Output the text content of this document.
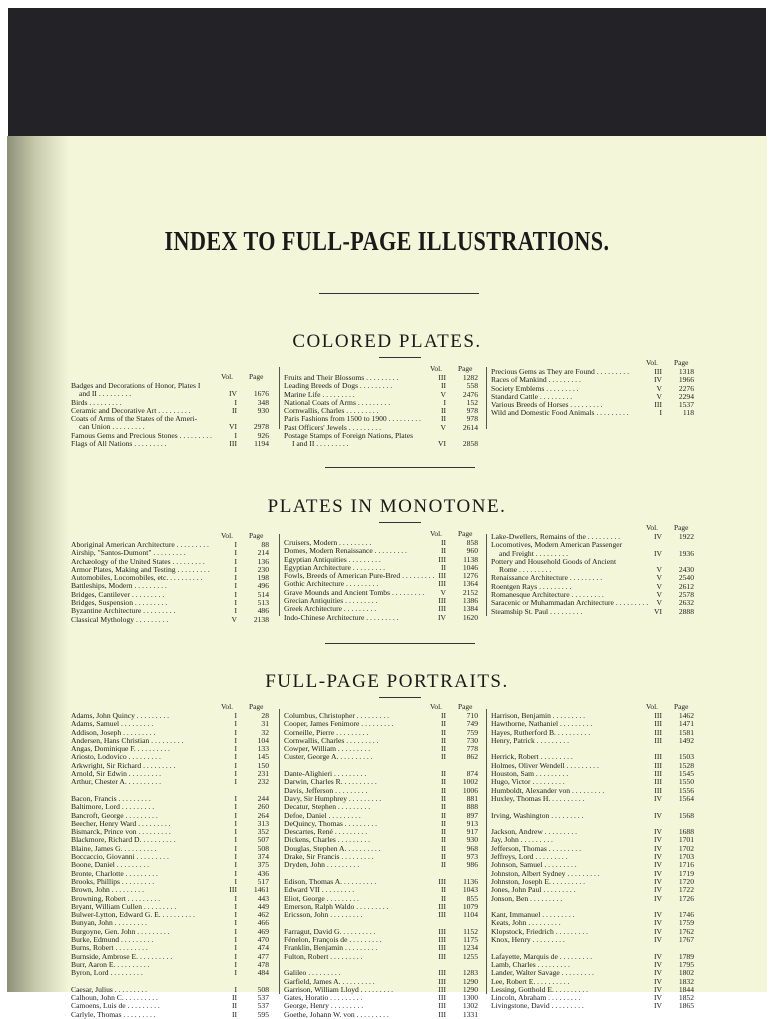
INDEX TO FULL-PAGE ILLUSTRATIONS.
COLORED PLATES.
PLATES IN MONOTONE.
FULL-PAGE PORTRAITS.
Vol. Page
Badges and Decorations of Honor, Plates I
and II . . . . . . . . .	IV	1676
Birds . . . . . . . . .	I	348
Ceramic and Decorative Art . . . . . . . . .	II	930
Coats of Arms of the States of the Ameri-
can Union . . . . . . . . .	VI	2978
Famous Gems and Precious Stones . . . . . . . . .	I	926
Flags of All Nations . . . . . . . . .	III	1194
Vol. Page
Fruits and Their Blossoms . . . . . . . . .	III	1282
Leading Breeds of Dogs . . . . . . . . .	II	558
Marine Life . . . . . . . . .	V	2476
National Coats of Arms . . . . . . . . .	I	152
Cornwallis, Charles . . . . . . . . .	II	978
Paris Fashions from 1500 to 1900 . . . . . . . . .	II	978
Past Officers' Jewels . . . . . . . . .	V	2614
Postage Stamps of Foreign Nations, Plates
I and II . . . . . . . . .	VI	2858
Vol. Page
Precious Gems as They are Found . . . . . . . . .	III	1318
Races of Mankind . . . . . . . . .	IV	1966
Society Emblems . . . . . . . . .	V	2276
Standard Cattle . . . . . . . . .	V	2294
Various Breeds of Horses . . . . . . . . .	III	1537
Wild and Domestic Food Animals . . . . . . . . .	I	118
Vol. Page
Aboriginal American Architecture . . . . . . . . .	I	88
Airship, "Santos-Dumont" . . . . . . . . .	I	214
Archæology of the United States . . . . . . . . .	I	136
Armor Plates, Making and Testing . . . . . . . . .	I	230
Automobiles, Locomobiles, etc. . . . . . . . . .	I	198
Battleships, Modern . . . . . . . . .	I	496
Bridges, Cantilever . . . . . . . . .	I	514
Bridges, Suspension . . . . . . . . .	I	513
Byzantine Architecture . . . . . . . . .	I	486
Classical Mythology . . . . . . . . .	V	2138
Vol. Page
Cruisers, Modern . . . . . . . . .	II	858
Domes, Modern Renaissance . . . . . . . . .	II	960
Egyptian Antiquities . . . . . . . . .	III	1138
Egyptian Architecture . . . . . . . . .	II	1046
Fowls, Breeds of American Pure-Bred . . . . . . . . . III	1276
Gothic Architecture . . . . . . . . .	III	1364
Grave Mounds and Ancient Tombs . . . . . . . . .	V	2152
Grecian Antiquities . . . . . . . . .	III	1386
Greek Architecture . . . . . . . . .	III	1384
Indo-Chinese Architecture . . . . . . . . .	IV	1620
Vol. Page
Lake-Dwellers, Remains of the . . . . . . . . .	IV	1922
Locomotives, Modern American Passenger
and Freight . . . . . . . . .	IV	1936
Pottery and Household Goods of Ancient
Rome . . . . . . . . .	V	2430
Renaissance Architecture . . . . . . . . .	V	2540
Roentgen Rays . . . . . . . . .	V	2612
Romanesque Architecture . . . . . . . . .	V	2578
Saracenic or Muhammadan Architecture . . . . . . . . .	V	2632
Steamship St. Paul . . . . . . . . .	VI	2888
Vol. Page
Adams, John Quincy . . . . . . . . .	I	28
Adams, Samuel . . . . . . . . .	I	31
Addison, Joseph . . . . . . . . .	I	32
Andersen, Hans Christian . . . . . . . . .	I	104
Angas, Dominique F. . . . . . . . . .	I	133
Ariosto, Lodovico . . . . . . . . .	I	145
Arkwright, Sir Richard . . . . . . . . .	I	150
Arnold, Sir Edwin . . . . . . . . .	I	231
Arthur, Chester A. . . . . . . . . .	I	232
Bacon, Francis . . . . . . . . .	I	244
Baltimore, Lord . . . . . . . . .	I	260
Bancroft, George . . . . . . . . .	I	264
Beecher, Henry Ward . . . . . . . . .	I	313
Bismarck, Prince von . . . . . . . . .	I	352
Blackmore, Richard D. . . . . . . . . .	I	507
Blaine, James G. . . . . . . . . .	I	508
Boccaccio, Giovanni . . . . . . . . .	I	374
Boone, Daniel . . . . . . . . .	I	375
Bronte, Charlotte . . . . . . . . .	I	436
Brooks, Phillips . . . . . . . . .	I	517
Brown, John . . . . . . . . .	III	1461
Browning, Robert . . . . . . . . .	I	443
Bryant, William Cullen . . . . . . . . .	I	449
Bulwer-Lytton, Edward G. E. . . . . . . . . .	I	462
Bunyan, John . . . . . . . . .	I	466
Burgoyne, Gen. John . . . . . . . . .	I	469
Burke, Edmund . . . . . . . . .	I	470
Burns, Robert . . . . . . . . .	I	474
Burnside, Ambrose E. . . . . . . . . .	I	477
Burr, Aaron E. . . . . . . . . .	I	478
Byron, Lord . . . . . . . . .	I	484
Caesar, Julius . . . . . . . . .	I	508
Calhoun, John C. . . . . . . . . .	II	537
Camoens, Luis de . . . . . . . . .	II	537
Carlyle, Thomas . . . . . . . . .	II	595
Vol. Page
Columbus, Christopher . . . . . . . . .	II	710
Cooper, James Fenimore . . . . . . . . .	II	749
Corneille, Pierre . . . . . . . . .	II	759
Cornwallis, Charles . . . . . . . . .	II	730
Cowper, William . . . . . . . . .	II	778
Custer, George A. . . . . . . . . .	II	862
Dante-Alighieri . . . . . . . . .	II	874
Darwin, Charles R. . . . . . . . . .	II	1002
Davis, Jefferson . . . . . . . . .	II	1006
Davy, Sir Humphrey . . . . . . . . .	II	881
Decatur, Stephen . . . . . . . . .	II	888
Defoe, Daniel . . . . . . . . .	II	897
DeQuincy, Thomas . . . . . . . . .	II	913
Descartes, René . . . . . . . . .	II	917
Dickens, Charles . . . . . . . . .	II	930
Douglas, Stephen A. . . . . . . . . .	II	968
Drake, Sir Francis . . . . . . . . .	II	973
Dryden, John . . . . . . . . .	II	986
Edison, Thomas A. . . . . . . . . .	III	1136
Edward VII . . . . . . . . .	II	1043
Eliot, George . . . . . . . . .	II	855
Emerson, Ralph Waldo . . . . . . . . .	III	1079
Ericsson, John . . . . . . . . .	III	1104
Farragut, David G. . . . . . . . . .	III	1152
Fénelon, François de . . . . . . . . .	III	1175
Franklin, Benjamin . . . . . . . . .	III	1234
Fulton, Robert . . . . . . . . .	III	1255
Galileo . . . . . . . . .	III	1283
Garfield, James A. . . . . . . . . .	III	1290
Garrison, William Lloyd . . . . . . . . .	III	1290
Gates, Horatio . . . . . . . . .	III	1300
George, Henry . . . . . . . . .	III	1302
Goethe, Johann W. von . . . . . . . . .	III	1331
Vol. Page
Harrison, Benjamin . . . . . . . . .	III	1462
Hawthorne, Nathaniel . . . . . . . . .	III	1471
Hayes, Rutherford B. . . . . . . . . .	III	1581
Henry, Patrick . . . . . . . . .	III	1492
Herrick, Robert . . . . . . . . .	III	1503
Holmes, Oliver Wendell . . . . . . . . .	III	1528
Houston, Sam . . . . . . . . .	III	1545
Hugo, Victor . . . . . . . . .	III	1550
Humboldt, Alexander von . . . . . . . . .	III	1556
Huxley, Thomas H. . . . . . . . . .	IV	1564
Irving, Washington . . . . . . . . .	IV	1568
Jackson, Andrew . . . . . . . . .	IV	1688
Jay, John . . . . . . . . .	IV	1701
Jefferson, Thomas . . . . . . . . .	IV	1702
Jeffreys, Lord . . . . . . . . .	IV	1703
Johnson, Samuel . . . . . . . . .	IV	1716
Johnston, Albert Sydney . . . . . . . . .	IV	1719
Johnston, Joseph E. . . . . . . . . .	IV	1720
Jones, John Paul . . . . . . . . .	IV	1722
Jonson, Ben . . . . . . . . .	IV	1726
Kant, Immanuel . . . . . . . . .	IV	1746
Keats, John . . . . . . . . .	IV	1759
Klopstock, Friedrich . . . . . . . . .	IV	1762
Knox, Henry . . . . . . . . .	IV	1767
Lafayette, Marquis de . . . . . . . . .	IV	1789
Lamb, Charles . . . . . . . . .	IV	1795
Lander, Walter Savage . . . . . . . . .	IV	1802
Lee, Robert E. . . . . . . . . .	IV	1832
Lessing, Gotthold E. . . . . . . . . .	IV	1844
Lincoln, Abraham . . . . . . . . .	IV	1852
Livingstone, David . . . . . . . . .	IV	1865
